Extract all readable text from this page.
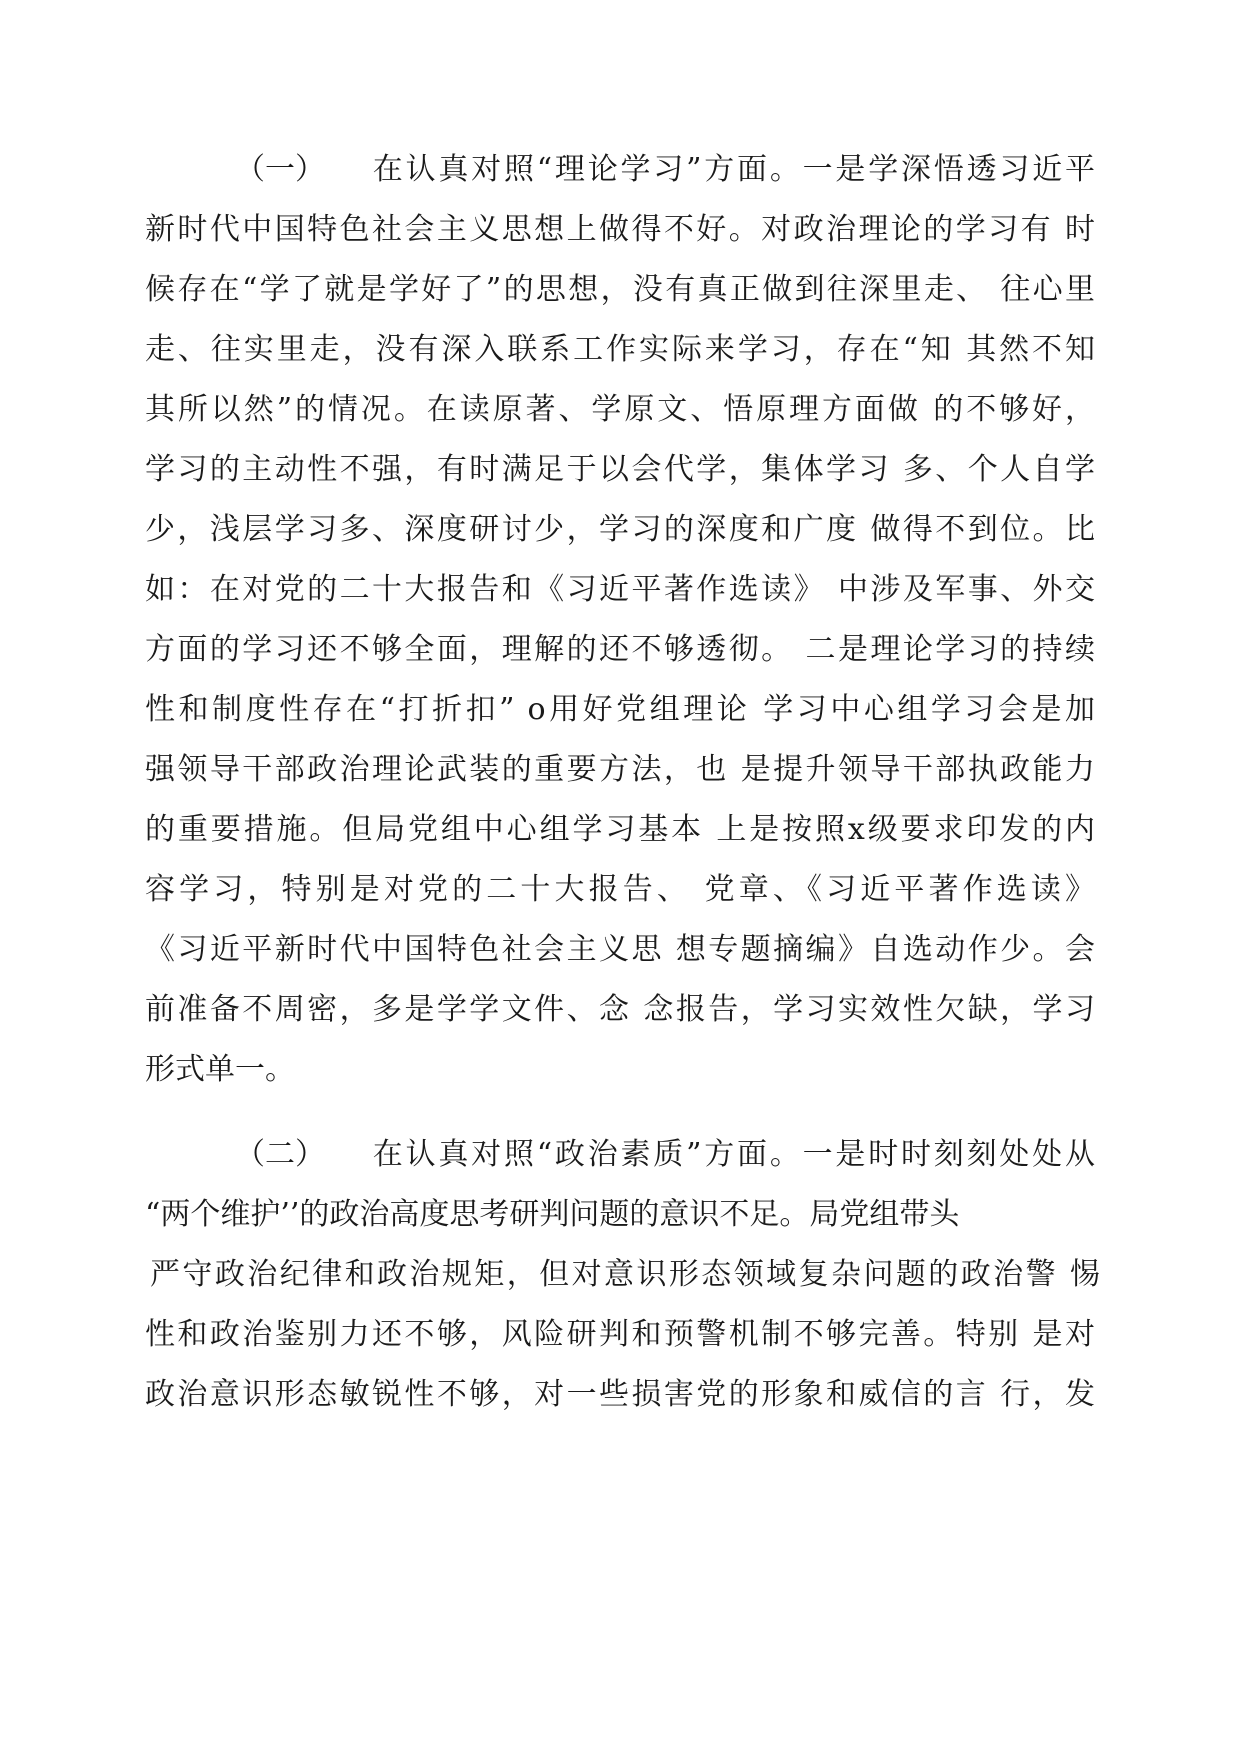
（一） 在认真对照“理论学习”方面。一是学深悟透习近平

新时代中国特色社会主义思想上做得不好。对政治理论的学习有 时

候存在“学了就是学好了”的思想，没有真正做到往深里走、 往心里

走、往实里走，没有深入联系工作实际来学习，存在“知 其然不知

其所以然”的情况。在读原著、学原文、悟原理方面做 的不够好，

学习的主动性不强，有时满足于以会代学，集体学习 多、个人自学

少，浅层学习多、深度研讨少，学习的深度和广度 做得不到位。比

如：在对党的二十大报告和《习近平著作选读》 中涉及军事、外交

方面的学习还不够全面，理解的还不够透彻。 二是理论学习的持续

性和制度性存在“打折扣” o用好党组理论 学习中心组学习会是加

强领导干部政治理论武装的重要方法，也 是提升领导干部执政能力

的重要措施。但局党组中心组学习基本 上是按照x级要求印发的内

容学习，特别是对党的二十大报告、 党章、《习近平著作选读》

《习近平新时代中国特色社会主义思 想专题摘编》自选动作少。会

前准备不周密，多是学学文件、念 念报告，学习实效性欠缺，学习

形式单一。

（二） 在认真对照“政治素质”方面。一是时时刻刻处处从

“两个维护’’的政治高度思考研判问题的意识不足。局党组带头

严守政治纪律和政治规矩，但对意识形态领域复杂问题的政治警 惕

性和政治鉴别力还不够，风险研判和预警机制不够完善。特别 是对

政治意识形态敏锐性不够，对一些损害党的形象和威信的言 行，发
